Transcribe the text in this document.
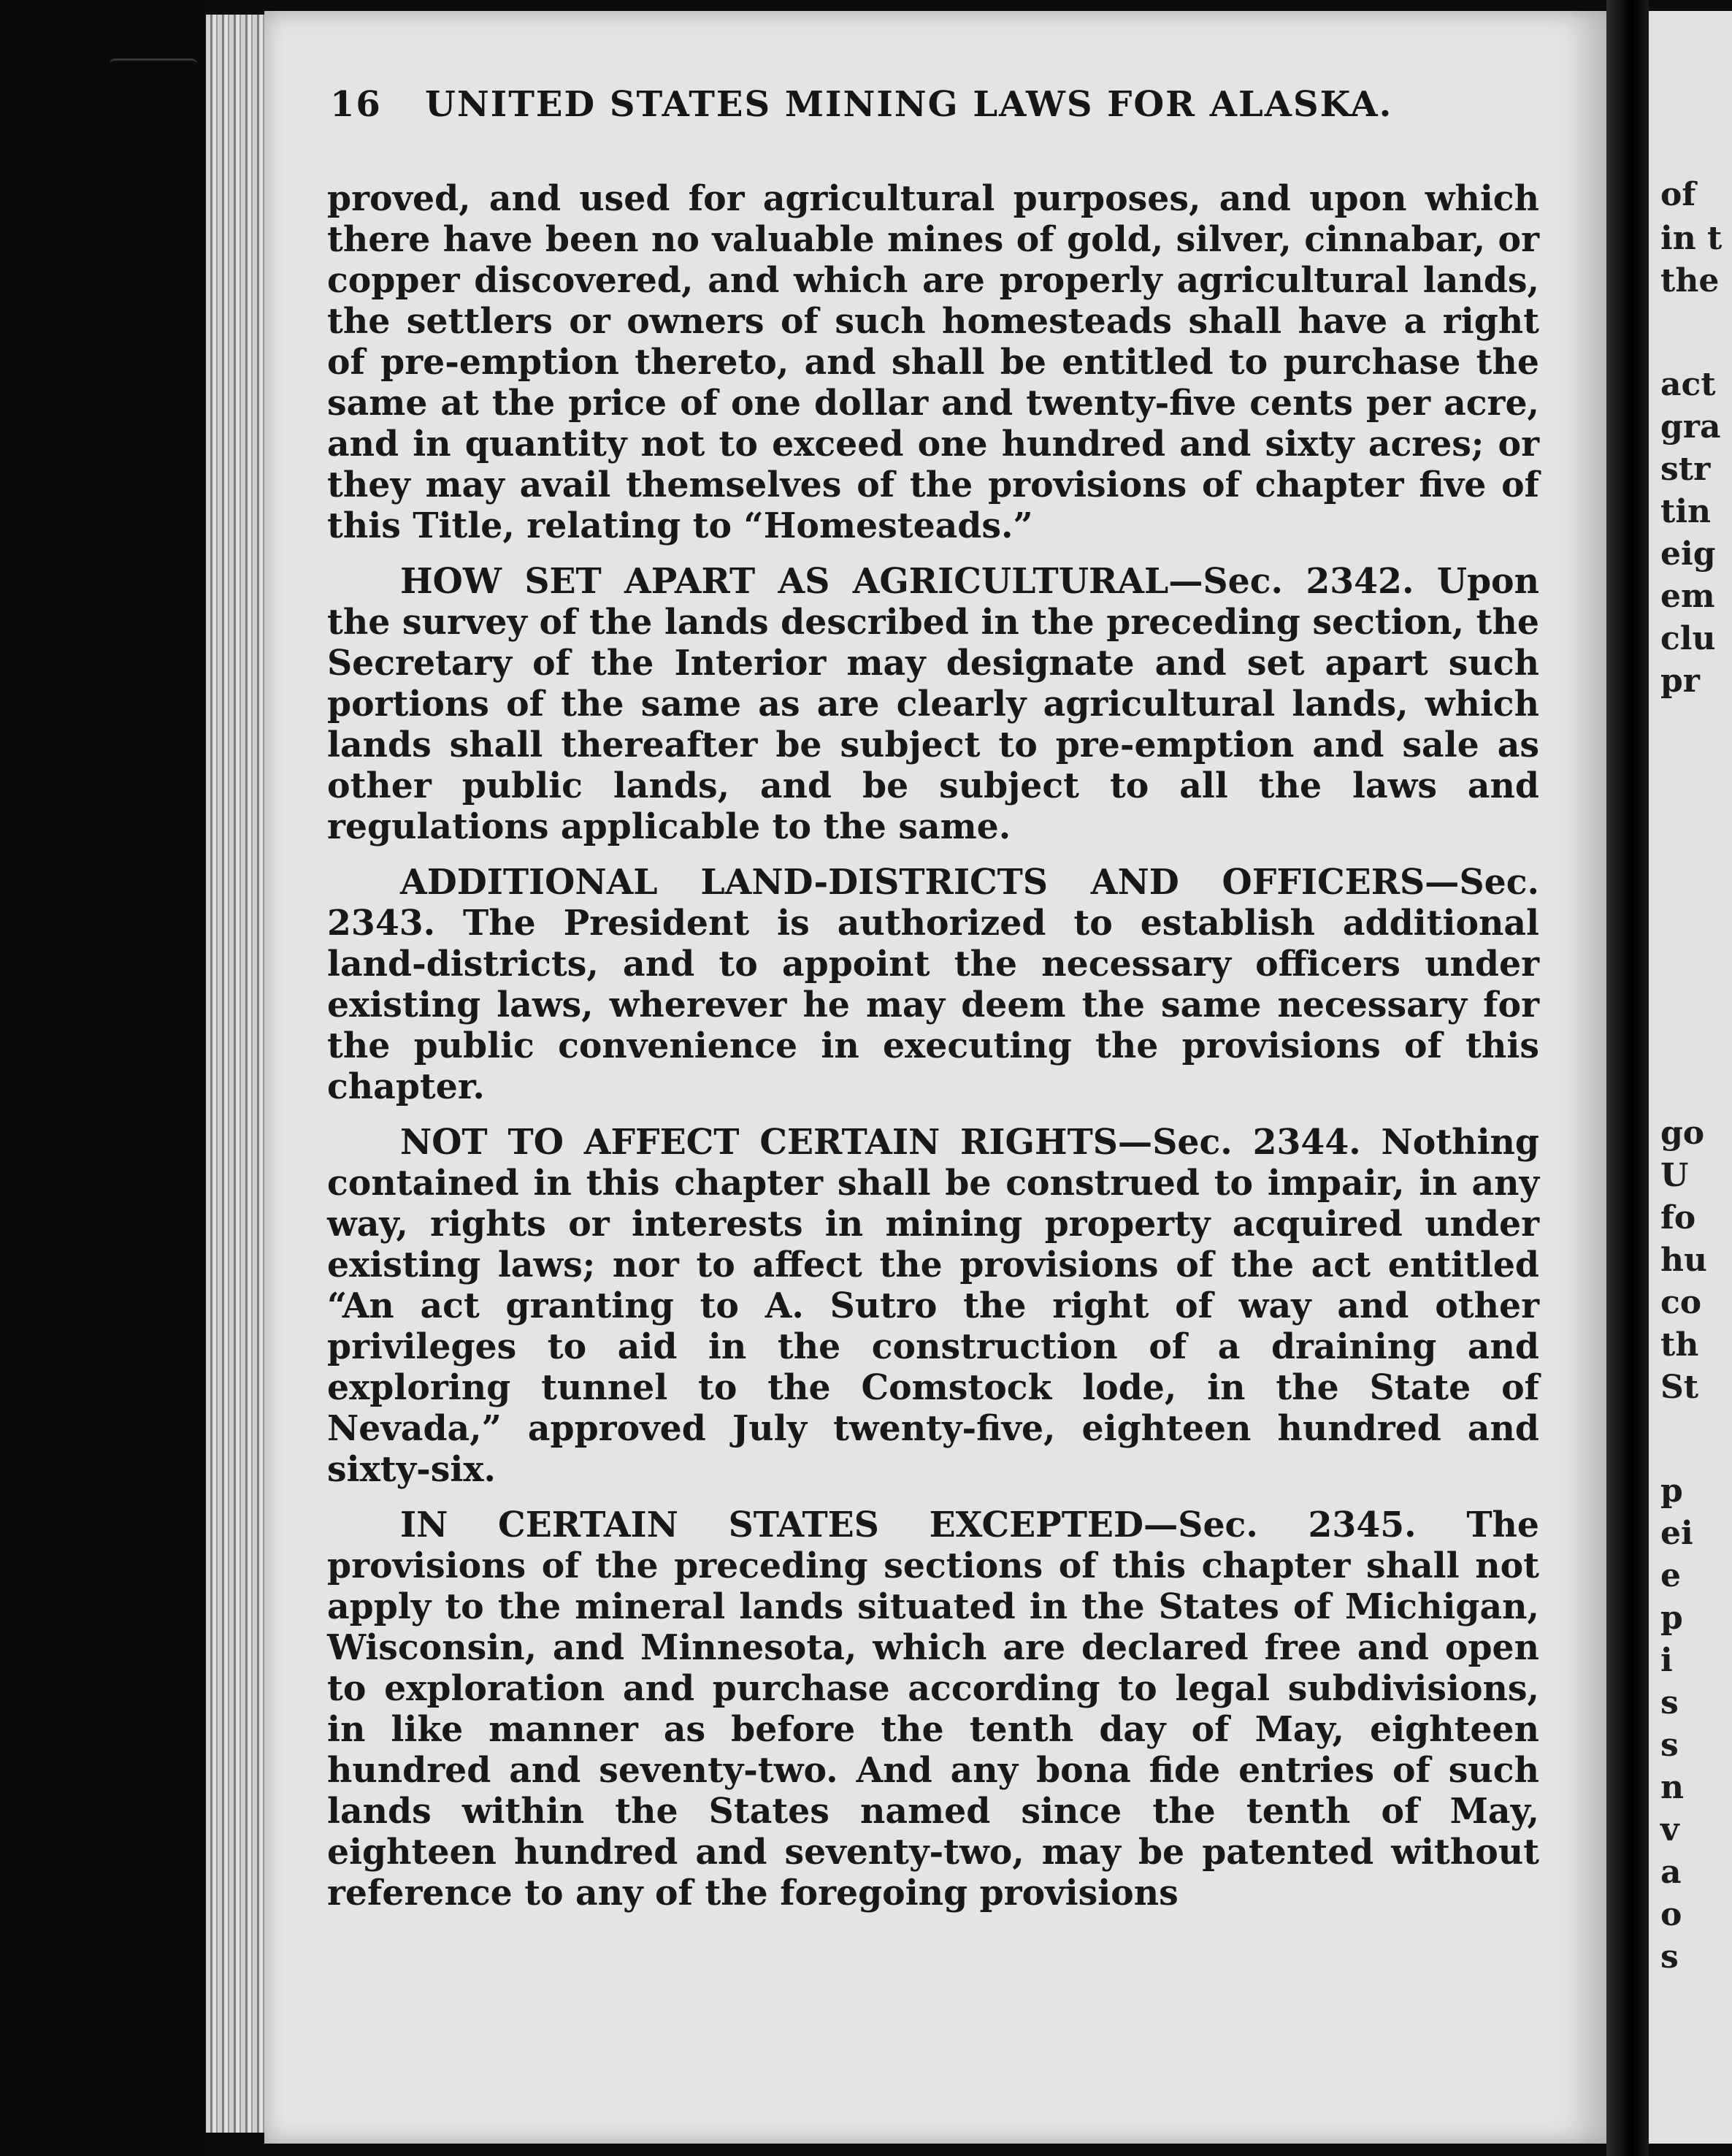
16 UNITED STATES MINING LAWS FOR ALASKA.

proved, and used for agricultural purposes, and upon which there have been no valuable mines of gold, silver, cinnabar, or copper discovered, and which are properly agricultural lands, the settlers or owners of such homesteads shall have a right of pre-emption thereto, and shall be entitled to purchase the same at the price of one dollar and twenty-five cents per acre, and in quantity not to exceed one hundred and sixty acres; or they may avail themselves of the provisions of chapter five of this Title, relating to “Homesteads.”

HOW SET APART AS AGRICULTURAL—Sec. 2342. Upon the survey of the lands described in the preceding section, the Secretary of the Interior may designate and set apart such portions of the same as are clearly agricultural lands, which lands shall thereafter be subject to pre-emption and sale as other public lands, and be subject to all the laws and regulations applicable to the same.

ADDITIONAL LAND-DISTRICTS AND OFFICERS—Sec. 2343. The President is authorized to establish additional land-districts, and to appoint the necessary officers under existing laws, wherever he may deem the same necessary for the public convenience in executing the provisions of this chapter.

NOT TO AFFECT CERTAIN RIGHTS—Sec. 2344. Nothing contained in this chapter shall be construed to impair, in any way, rights or interests in mining property acquired under existing laws; nor to affect the provisions of the act entitled “An act granting to A. Sutro the right of way and other privileges to aid in the construction of a draining and exploring tunnel to the Comstock lode, in the State of Nevada,” approved July twenty-five, eighteen hundred and sixty-six.

IN CERTAIN STATES EXCEPTED—Sec. 2345. The provisions of the preceding sections of this chapter shall not apply to the mineral lands situated in the States of Michigan, Wisconsin, and Minnesota, which are declared free and open to exploration and purchase according to legal subdivisions, in like manner as before the tenth day of May, eighteen hundred and seventy-two. And any bona fide entries of such lands within the States named since the tenth of May, eighteen hundred and seventy-two, may be patented without reference to any of the foregoing provisions

of

in t

the

act

gra

str

tin

eig

em

clu

pr

go

U

fo

hu

co

th

St

p

ei

e

p

i

s

s

n

v

a

o

s
